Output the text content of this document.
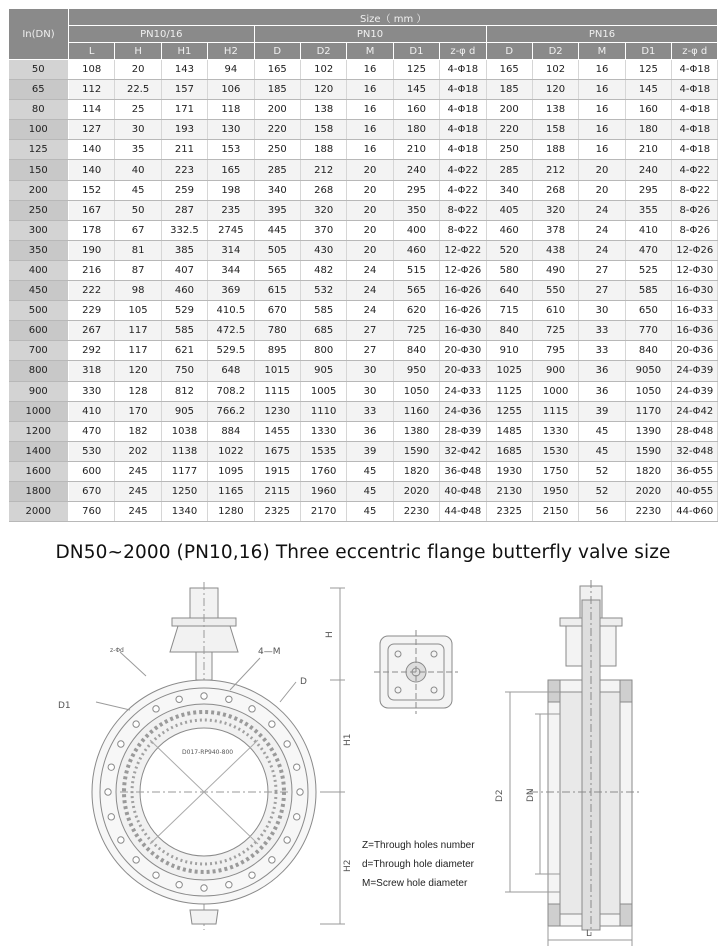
In(DN)	Size（ mm ）													
	PN10/16				PN10					PN16				
	L	H	H1	H2	D	D2	M	D1	z-φ d	D	D2	M	D1	z-φ d
50	108	20	143	94	165	102	16	125	4-Φ18	165	102	16	125	4-Φ18
65	112	22.5	157	106	185	120	16	145	4-Φ18	185	120	16	145	4-Φ18
80	114	25	171	118	200	138	16	160	4-Φ18	200	138	16	160	4-Φ18
100	127	30	193	130	220	158	16	180	4-Φ18	220	158	16	180	4-Φ18
125	140	35	211	153	250	188	16	210	4-Φ18	250	188	16	210	4-Φ18
150	140	40	223	165	285	212	20	240	4-Φ22	285	212	20	240	4-Φ22
200	152	45	259	198	340	268	20	295	4-Φ22	340	268	20	295	8-Φ22
250	167	50	287	235	395	320	20	350	8-Φ22	405	320	24	355	8-Φ26
300	178	67	332.5	2745	445	370	20	400	8-Φ22	460	378	24	410	8-Φ26
350	190	81	385	314	505	430	20	460	12-Φ22	520	438	24	470	12-Φ26
400	216	87	407	344	565	482	24	515	12-Φ26	580	490	27	525	12-Φ30
450	222	98	460	369	615	532	24	565	16-Φ26	640	550	27	585	16-Φ30
500	229	105	529	410.5	670	585	24	620	16-Φ26	715	610	30	650	16-Φ33
600	267	117	585	472.5	780	685	27	725	16-Φ30	840	725	33	770	16-Φ36
700	292	117	621	529.5	895	800	27	840	20-Φ30	910	795	33	840	20-Φ36
800	318	120	750	648	1015	905	30	950	20-Φ33	1025	900	36	9050	24-Φ39
900	330	128	812	708.2	1115	1005	30	1050	24-Φ33	1125	1000	36	1050	24-Φ39
1000	410	170	905	766.2	1230	1110	33	1160	24-Φ36	1255	1115	39	1170	24-Φ42
1200	470	182	1038	884	1455	1330	36	1380	28-Φ39	1485	1330	45	1390	28-Φ48
1400	530	202	1138	1022	1675	1535	39	1590	32-Φ42	1685	1530	45	1590	32-Φ48
1600	600	245	1177	1095	1915	1760	45	1820	36-Φ48	1930	1750	52	1820	36-Φ55
1800	670	245	1250	1165	2115	1960	45	2020	40-Φ48	2130	1950	52	2020	40-Φ55
2000	760	245	1340	1280	2325	2170	45	2230	44-Φ48	2325	2150	56	2230	44-Φ60
DN50~2000 (PN10,16) Three eccentric flange butterfly valve size
H
H1
H2
D1
D
4—M
z-Φd
D017-RP940-800
D2 DN
L
Z=Through holes number
d=Through hole diameter
M=Screw hole diameter
